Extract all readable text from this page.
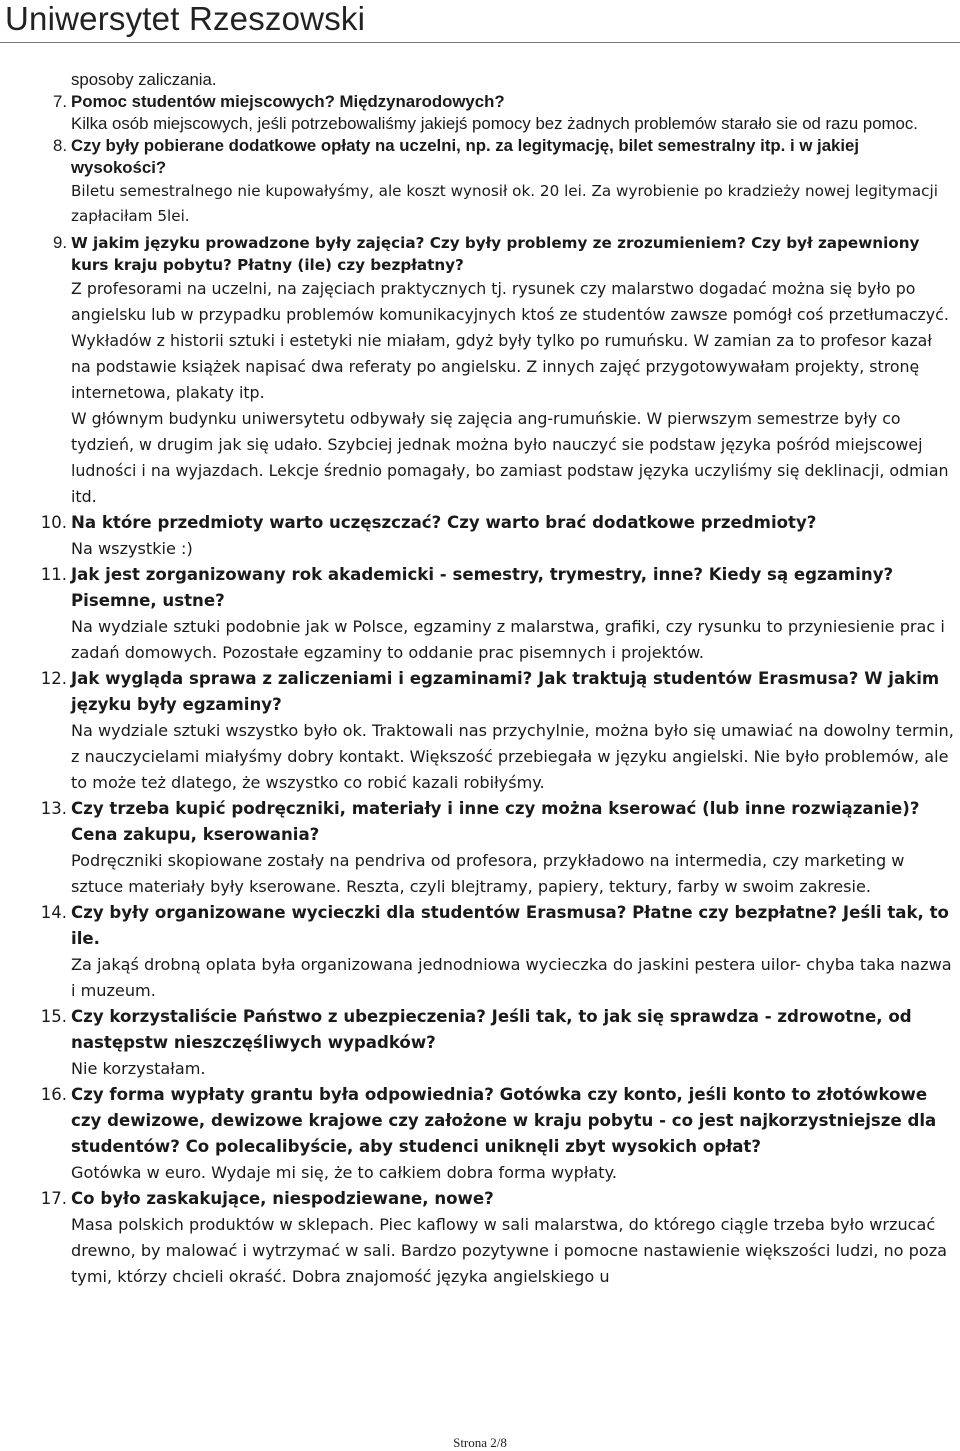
Uniwersytet Rzeszowski

sposoby zaliczania.

7. Pomoc studentów miejscowych? Międzynarodowych?

Kilka osób miejscowych, jeśli potrzebowaliśmy jakiejś pomocy bez żadnych problemów starało sie od razu pomoc.

8. Czy były pobierane dodatkowe opłaty na uczelni, np. za legitymację, bilet semestralny itp. i w jakiej wysokości?

Biletu semestralnego nie kupowałyśmy, ale koszt wynosił ok. 20 lei. Za wyrobienie po kradzieży nowej legitymacji zapłaciłam 5lei.

9. W jakim języku prowadzone były zajęcia? Czy były problemy ze zrozumieniem? Czy był zapewniony kurs kraju pobytu? Płatny (ile) czy bezpłatny?

Z profesorami na uczelni, na zajęciach praktycznych tj. rysunek czy malarstwo dogadać można się było po angielsku lub w przypadku problemów komunikacyjnych ktoś ze studentów zawsze pomógł coś przetłumaczyć. Wykładów z historii sztuki i estetyki nie miałam, gdyż były tylko po rumuńsku. W zamian za to profesor kazał na podstawie książek napisać dwa referaty po angielsku. Z innych zajęć przygotowywałam projekty, stronę internetowa, plakaty itp.

W głównym budynku uniwersytetu odbywały się zajęcia ang-rumuńskie. W pierwszym semestrze były co tydzień, w drugim jak się udało. Szybciej jednak można było nauczyć sie podstaw języka pośród miejscowej ludności i na wyjazdach. Lekcje średnio pomagały, bo zamiast podstaw języka uczyliśmy się deklinacji, odmian itd.

10. Na które przedmioty warto uczęszczać? Czy warto brać dodatkowe przedmioty?

Na wszystkie :)

11. Jak jest zorganizowany rok akademicki - semestry, trymestry, inne? Kiedy są egzaminy? Pisemne, ustne?

Na wydziale sztuki podobnie jak w Polsce, egzaminy z malarstwa, grafiki, czy rysunku to przyniesienie prac i zadań domowych. Pozostałe egzaminy to oddanie prac pisemnych i projektów.

12. Jak wygląda sprawa z zaliczeniami i egzaminami? Jak traktują studentów Erasmusa? W jakim języku były egzaminy?

Na wydziale sztuki wszystko było ok. Traktowali nas przychylnie, można było się umawiać na dowolny termin, z nauczycielami miałyśmy dobry kontakt. Większość przebiegała w języku angielski. Nie było problemów, ale to może też dlatego, że wszystko co robić kazali robiłyśmy.

13. Czy trzeba kupić podręczniki, materiały i inne czy można kserować (lub inne rozwiązanie)? Cena zakupu, kserowania?

Podręczniki skopiowane zostały na pendriva od profesora, przykładowo na intermedia, czy marketing w sztuce materiały były kserowane. Reszta, czyli blejtramy, papiery, tektury, farby w swoim zakresie.

14. Czy były organizowane wycieczki dla studentów Erasmusa? Płatne czy bezpłatne? Jeśli tak, to ile.

Za jakąś drobną oplata była organizowana jednodniowa wycieczka do jaskini pestera uilor- chyba taka nazwa i muzeum.

15. Czy korzystaliście Państwo z ubezpieczenia? Jeśli tak, to jak się sprawdza - zdrowotne, od następstw nieszczęśliwych wypadków?

Nie korzystałam.

16. Czy forma wypłaty grantu była odpowiednia? Gotówka czy konto, jeśli konto to złotówkowe czy dewizowe, dewizowe krajowe czy założone w kraju pobytu - co jest najkorzystniejsze dla studentów? Co polecalibyście, aby studenci uniknęli zbyt wysokich opłat?

Gotówka w euro. Wydaje mi się, że to całkiem dobra forma wypłaty.

17. Co było zaskakujące, niespodziewane, nowe?

Masa polskich produktów w sklepach. Piec kaflowy w sali malarstwa, do którego ciągle trzeba było wrzucać drewno, by malować i wytrzymać w sali. Bardzo pozytywne i pomocne nastawienie większości ludzi, no poza tymi, którzy chcieli okraść. Dobra znajomość języka angielskiego u

Strona 2/8
